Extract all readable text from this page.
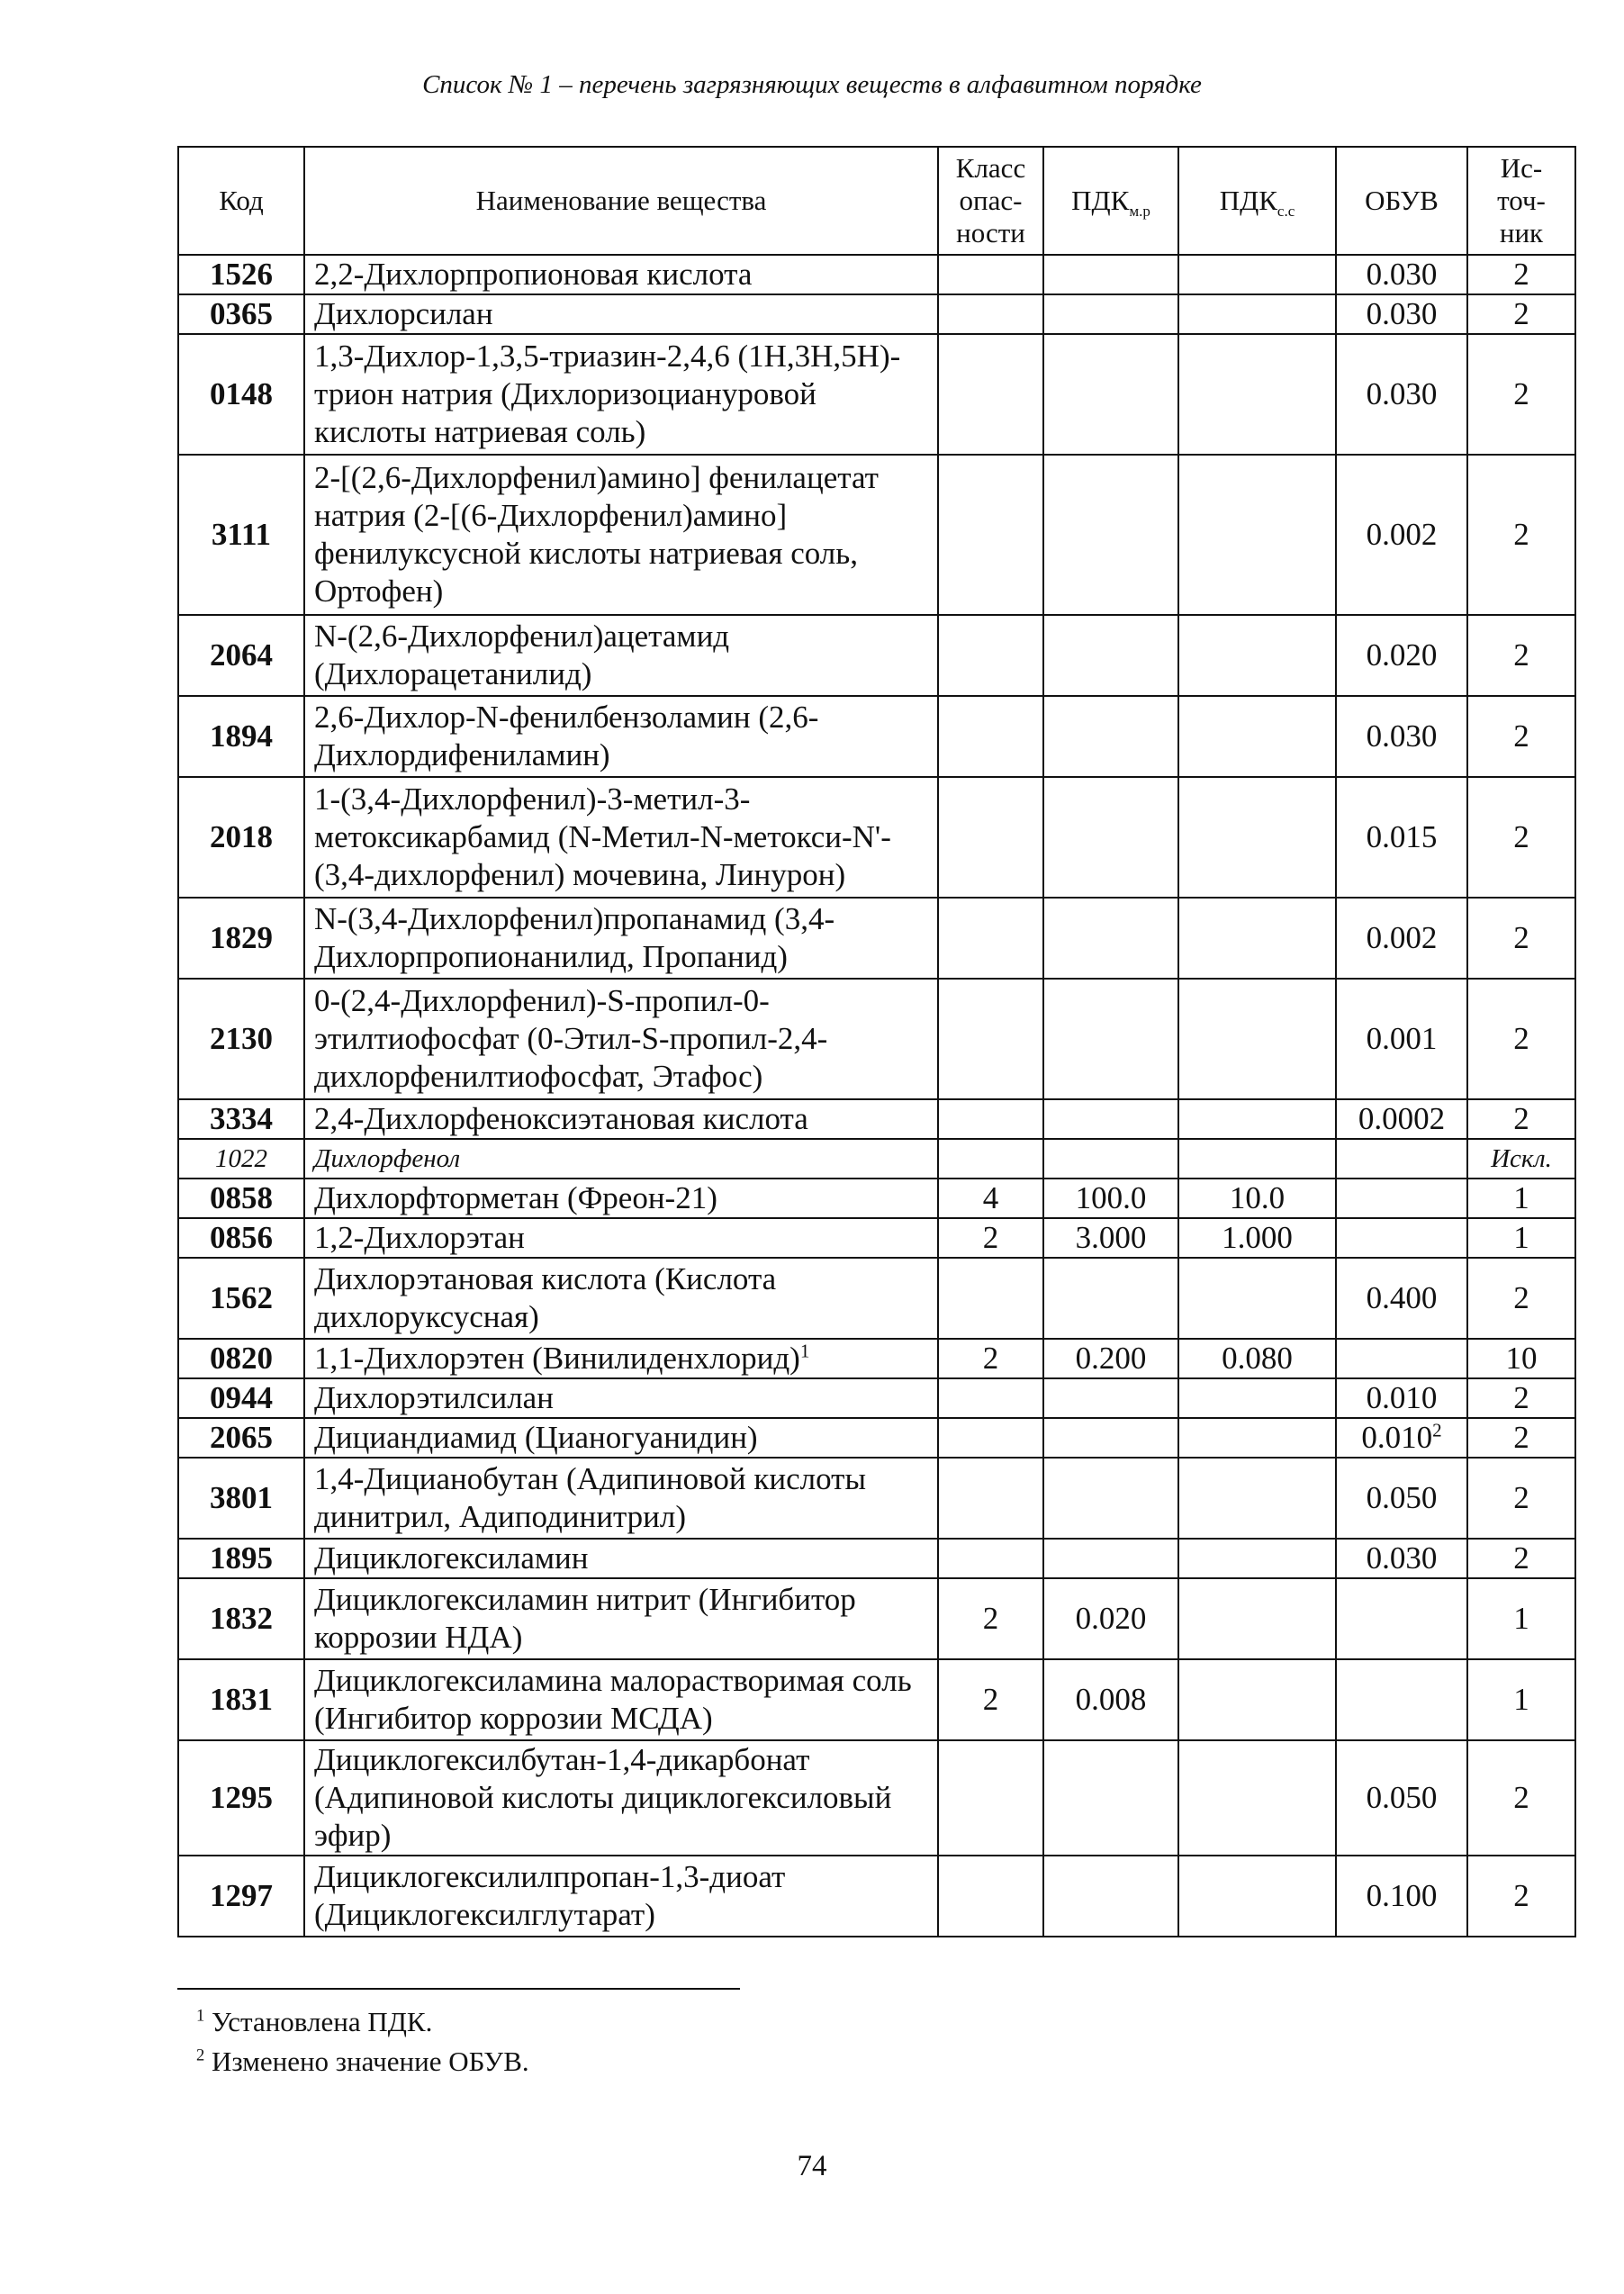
Список № 1 – перечень загрязняющих веществ в алфавитном порядке
Код	Наименование вещества	Класс опас- ности	$ПДК_{м.р}$	$ПДК_{с.с}$	ОБУВ	Ис- точ- ник
1526	2,2-Дихлорпропионовая кислота				0.030	2
0365	Дихлорсилан				0.030	2
0148	1,3-Дихлор-1,3,5-триазин-2,4,6 (1Н,3Н,5Н)-трион натрия (Дихлоризоциануровой кислоты натриевая соль)				0.030	2
3111	2-[(2,6-Дихлорфенил)амино] фенилацетат натрия (2-[(6-Дихлорфенил)амино] фенилуксусной кислоты натриевая соль, Ортофен)				0.002	2
2064	N-(2,6-Дихлорфенил)ацетамид (Дихлорацетанилид)				0.020	2
1894	2,6-Дихлор-N-фенилбензоламин (2,6-Дихлордифениламин)				0.030	2
2018	1-(3,4-Дихлорфенил)-3-метил-3-метоксикарбамид (N-Метил-N-метокси-N'-(3,4-дихлорфенил) мочевина, Линурон)				0.015	2
1829	N-(3,4-Дихлорфенил)пропанамид (3,4-Дихлорпропионанилид, Пропанид)				0.002	2
2130	0-(2,4-Дихлорфенил)-S-пропил-0-этилтиофосфат (0-Этил-S-пропил-2,4-дихлорфенилтиофосфат, Этафос)				0.001	2
3334	2,4-Дихлорфеноксиэтановая кислота				0.0002	2
1022	Дихлорфенол					Искл.
0858	Дихлорфторметан (Фреон-21)	4	100.0	10.0		1
0856	1,2-Дихлорэтан	2	3.000	1.000		1
1562	Дихлорэтановая кислота (Кислота дихлоруксусная)				0.400	2
0820	1,1-Дихлорэтен (Винилиденхлорид)$^1$	2	0.200	0.080		10
0944	Дихлорэтилсилан				0.010	2
2065	Дициандиамид (Цианогуанидин)				0.010$^2$	2
3801	1,4-Дицианобутан (Адипиновой кислоты динитрил, Адиподинитрил)				0.050	2
1895	Дициклогексиламин				0.030	2
1832	Дициклогексиламин нитрит (Ингибитор коррозии НДА)	2	0.020			1
1831	Дициклогексиламина малорастворимая соль (Ингибитор коррозии МСДА)	2	0.008			1
1295	Дициклогексилбутан-1,4-дикарбонат (Адипиновой кислоты дициклогексиловый эфир)				0.050	2
1297	Дициклогексилилпропан-1,3-диоат (Дициклогексилглутарат)				0.100	2
$^1$ Установлена ПДК.
$^2$ Изменено значение ОБУВ.
74
